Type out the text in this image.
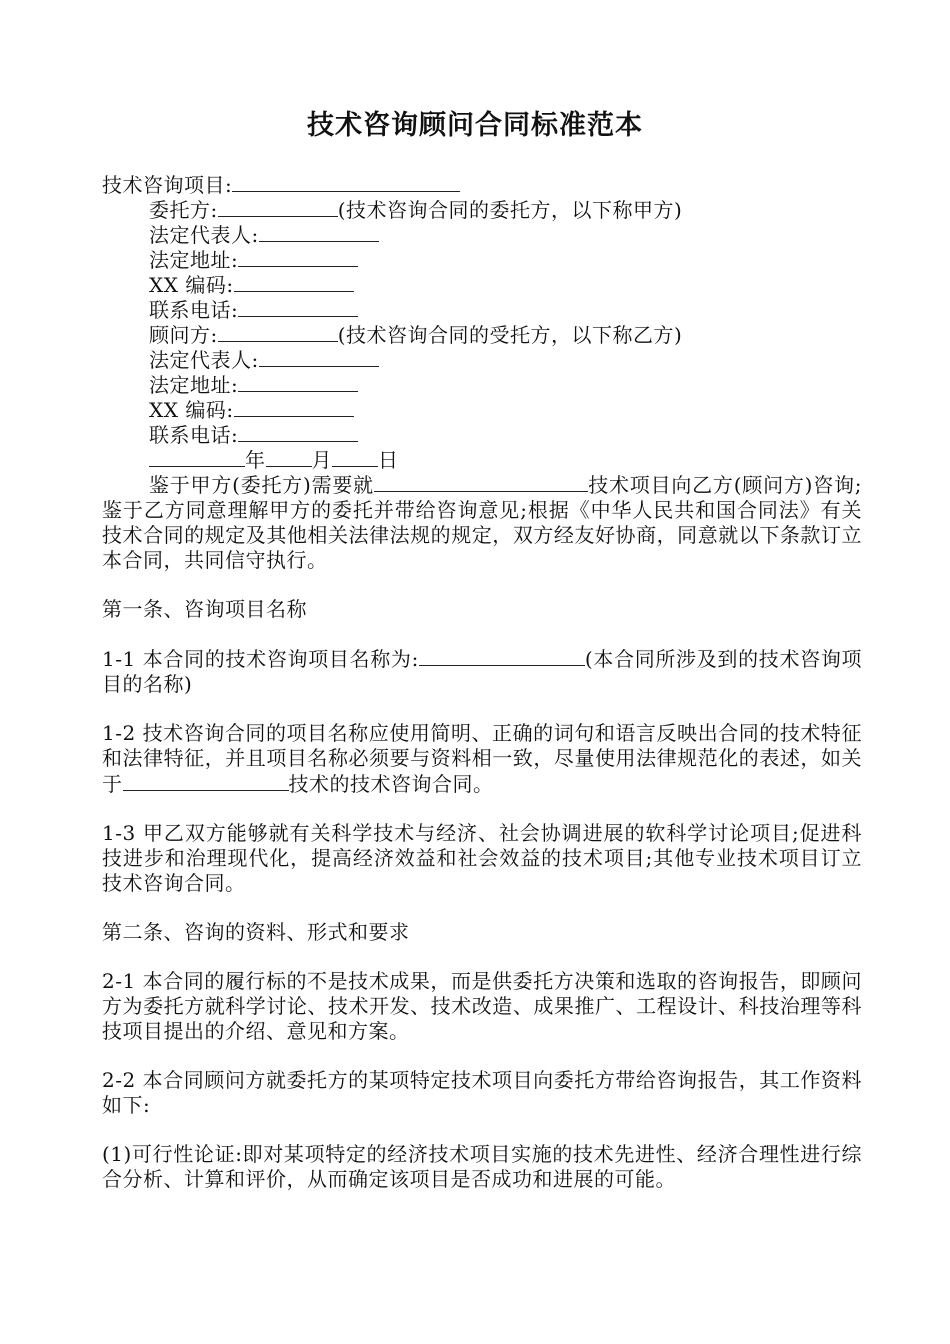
技术咨询顾问合同标准范本
技术咨询项目:
委托方:	(技术咨询合同的委托方，以下称甲方)
法定代表人:
法定地址:
XX 编码:
联系电话:
顾问方:	(技术咨询合同的受托方，以下称乙方)
法定代表人:
法定地址:
XX 编码:
联系电话:
年 月 日
鉴于甲方(委托方)需要就	技术项目向乙方(顾问方)咨询;鉴于乙方同意理解甲方的委托并带给咨询意见;根据《中华人民共和国合同法》有关技术合同的规定及其他相关法律法规的规定，双方经友好协商，同意就以下条款订立本合同，共同信守执行。
第一条、咨询项目名称
1-1 本合同的技术咨询项目名称为:	(本合同所涉及到的技术咨询项目的名称)
1-2 技术咨询合同的项目名称应使用简明、正确的词句和语言反映出合同的技术特征和法律特征，并且项目名称必须要与资料相一致，尽量使用法律规范化的表述，如关于	技术的技术咨询合同。
1-3 甲乙双方能够就有关科学技术与经济、社会协调进展的软科学讨论项目;促进科技进步和治理现代化，提高经济效益和社会效益的技术项目;其他专业技术项目订立技术咨询合同。
第二条、咨询的资料、形式和要求
2-1 本合同的履行标的不是技术成果，而是供委托方决策和选取的咨询报告，即顾问方为委托方就科学讨论、技术开发、技术改造、成果推广、工程设计、科技治理等科技项目提出的介绍、意见和方案。
2-2 本合同顾问方就委托方的某项特定技术项目向委托方带给咨询报告，其工作资料如下:
(1)可行性论证:即对某项特定的经济技术项目实施的技术先进性、经济合理性进行综合分析、计算和评价，从而确定该项目是否成功和进展的可能。
